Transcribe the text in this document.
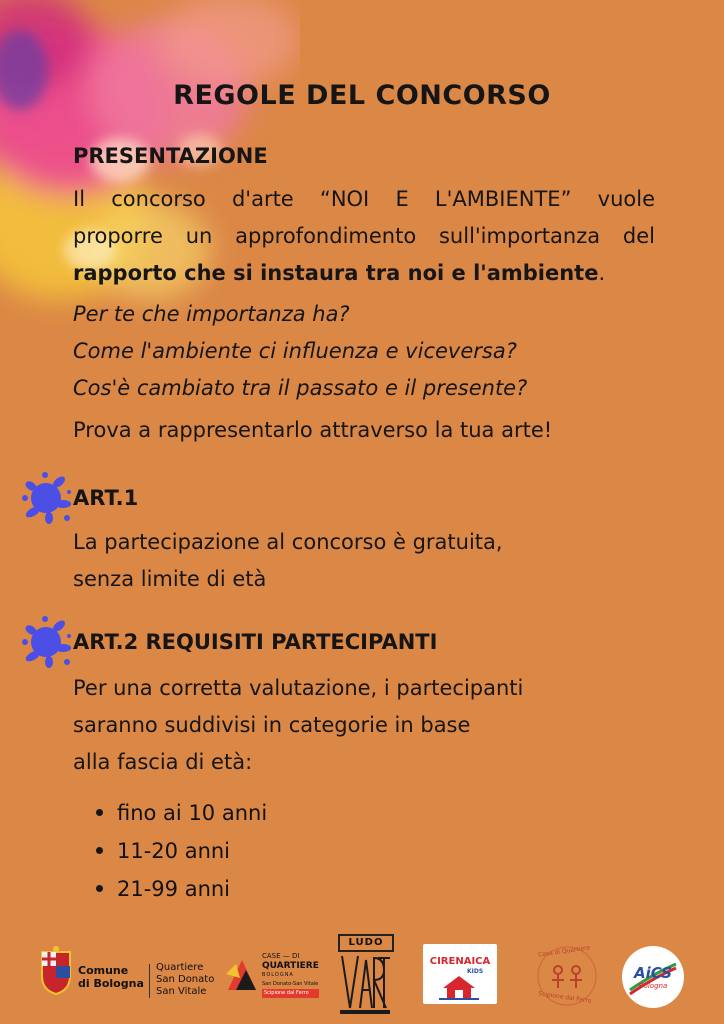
REGOLE DEL CONCORSO
PRESENTAZIONE
Il concorso d'arte “NOI E L'AMBIENTE” vuole
proporre un approfondimento sull'importanza del
rapporto che si instaura tra noi e l'ambiente.
Per te che importanza ha?
Come l'ambiente ci influenza e viceversa?
Cos'è cambiato tra il passato e il presente?
Prova a rappresentarlo attraverso la tua arte!
ART.1
La partecipazione al concorso è gratuita,
senza limite di età
ART.2 REQUISITI PARTECIPANTI
Per una corretta valutazione, i partecipanti
saranno suddivisi in categorie in base
alla fascia di età:
fino ai 10 anni
11-20 anni
21-99 anni
Comune
di Bologna
Quartiere
San Donato
San Vitale
CASE — DI
QUARTIERE
BOLOGNA
San Donato-San Vitale
Scipione dal Ferro
LUDO
CIRENAICA
KIDS
Casa di Quartiere
Scipione dal Ferro
AiCS
Bologna
